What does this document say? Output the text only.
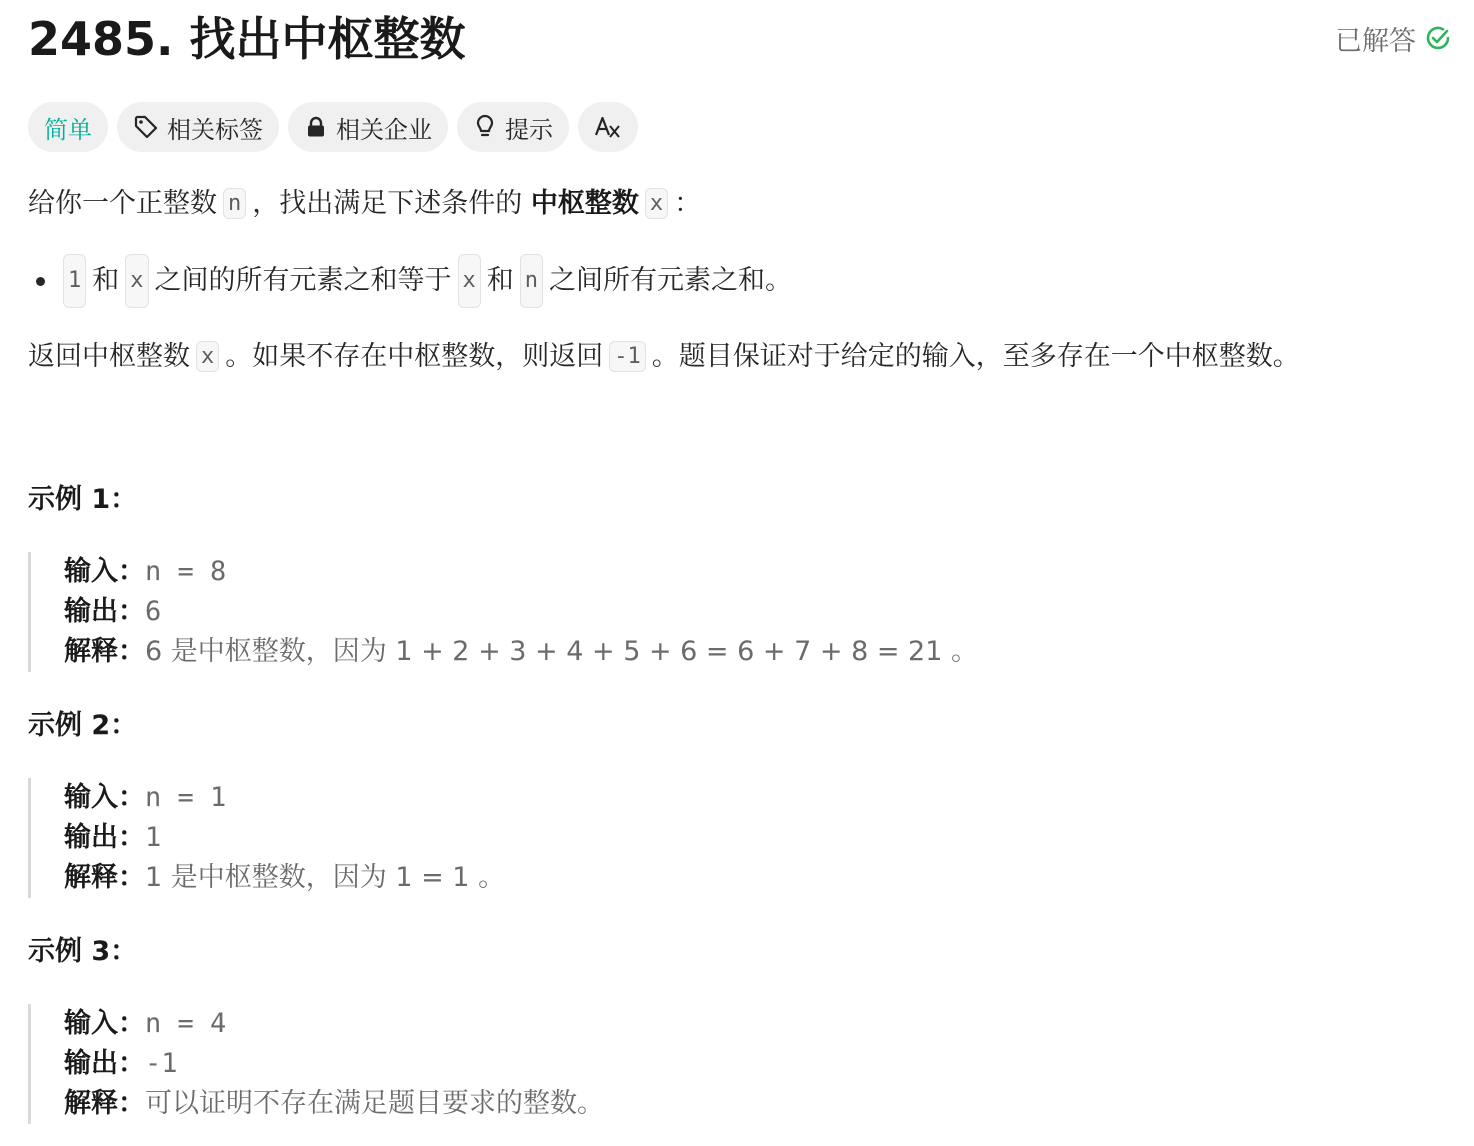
2485. 找出中枢整数	已解答
简单	相关标签	相关企业	提示

给你一个正整数 n ，找出满足下述条件的 中枢整数 x ：

1 和 x 之间的所有元素之和等于 x 和 n 之间所有元素之和。

返回中枢整数 x 。如果不存在中枢整数，则返回 -1 。题目保证对于给定的输入，至多存在一个中枢整数。

示例 1：
输入：n = 8
输出：6
解释：6 是中枢整数，因为 1 + 2 + 3 + 4 + 5 + 6 = 6 + 7 + 8 = 21 。
示例 2：
输入：n = 1
输出：1
解释：1 是中枢整数，因为 1 = 1 。
示例 3：
输入：n = 4
输出：-1
解释：可以证明不存在满足题目要求的整数。
